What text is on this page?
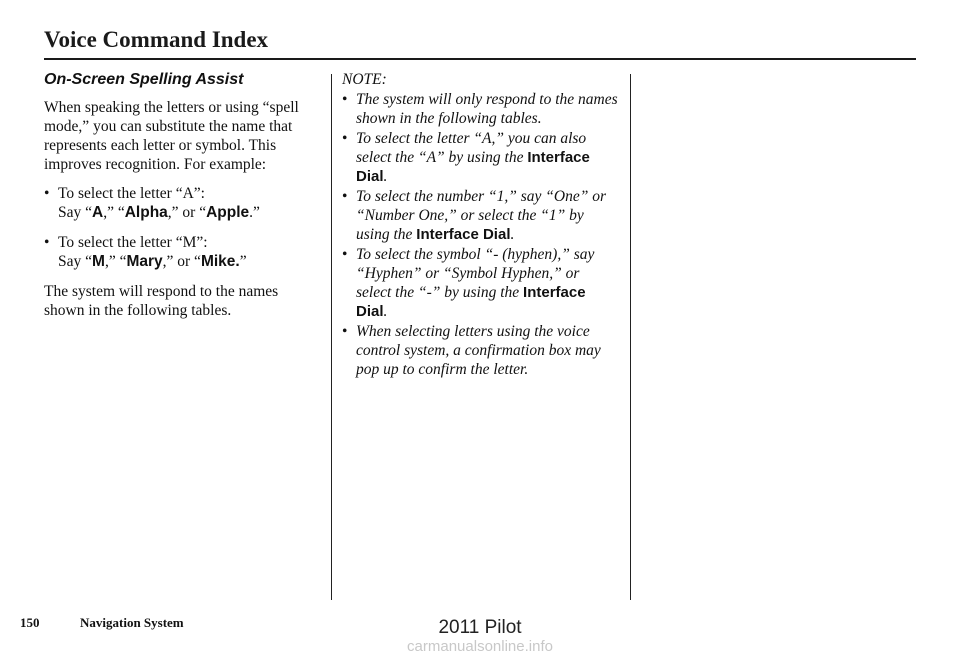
Voice Command Index
On-Screen Spelling Assist
When speaking the letters or using “spell mode,” you can substitute the name that represents each letter or symbol. This improves recognition. For example:
• To select the letter “A”:
Say “A,” “Alpha,” or “Apple.”
• To select the letter “M”:
Say “M,” “Mary,” or “Mike.”
The system will respond to the names shown in the following tables.
NOTE:
• The system will only respond to the names shown in the following tables.
• To select the letter “A,” you can also select the “A” by using the Interface Dial.
• To select the number “1,” say “One” or “Number One,” or select the “1” by using the Interface Dial.
• To select the symbol “- (hyphen),” say “Hyphen” or “Symbol Hyphen,” or select the “-” by using the Interface Dial.
• When selecting letters using the voice control system, a confirmation box may pop up to confirm the letter.
150	Navigation System	2011 Pilot
carmanualsonline.info
